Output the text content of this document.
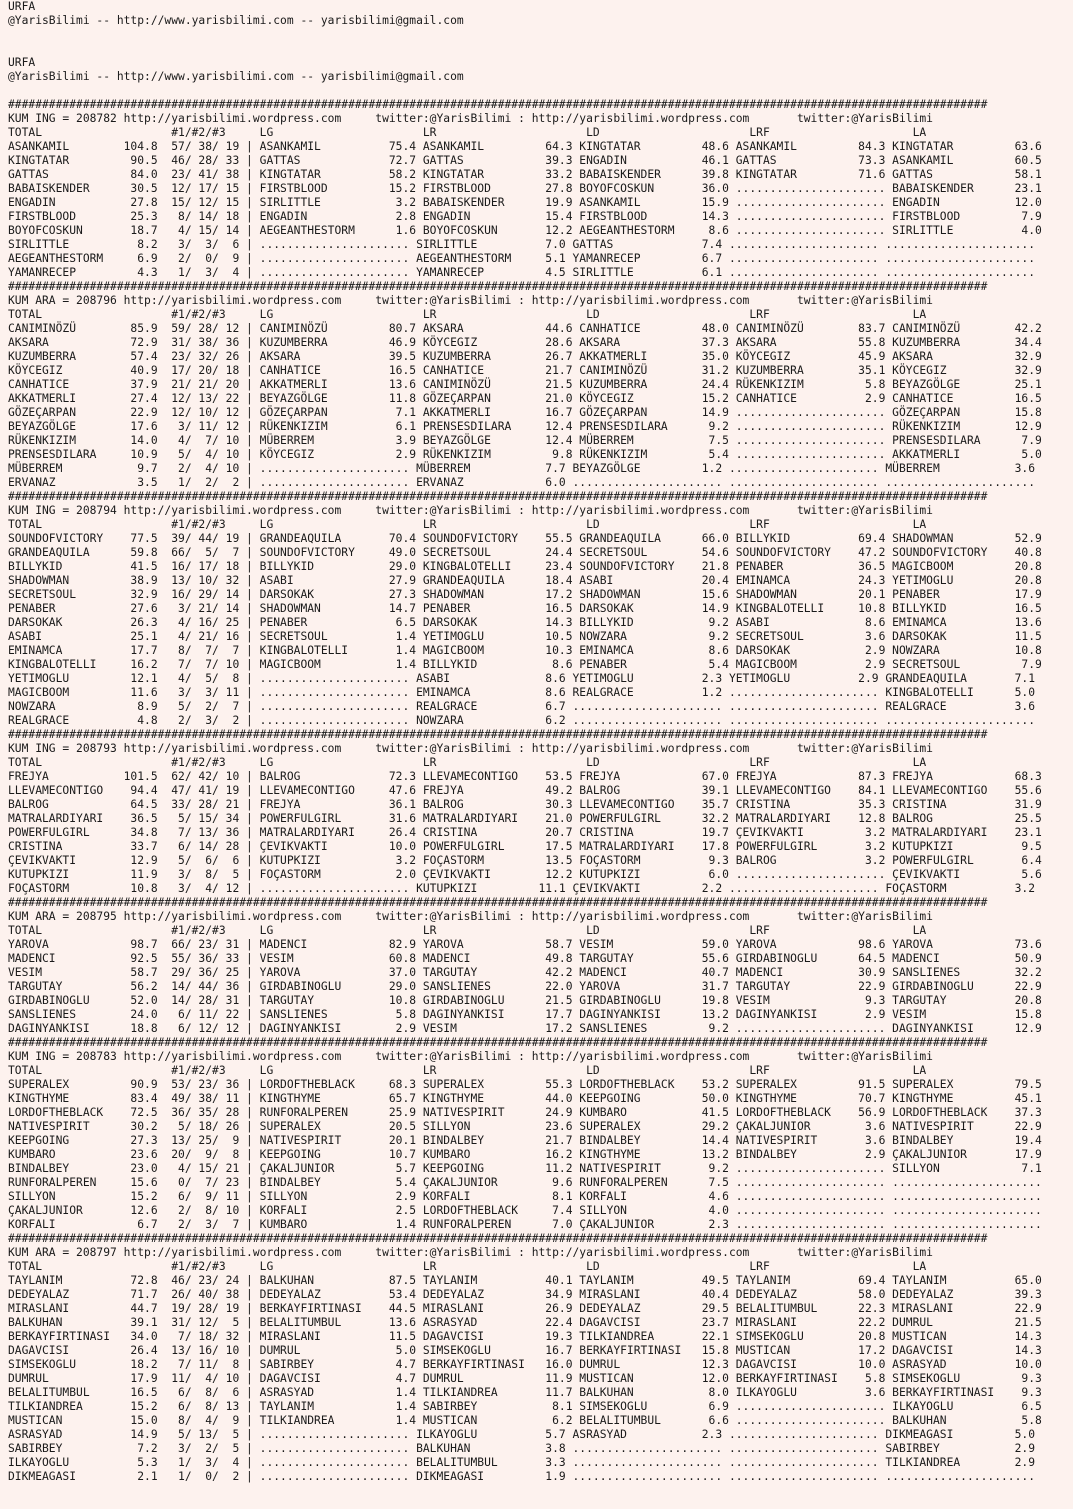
URFA
@YarisBilimi -- http://www.yarisbilimi.com -- yarisbilimi@gmail.com
URFA
@YarisBilimi -- http://www.yarisbilimi.com -- yarisbilimi@gmail.com
################################################################################################################################################
KUM ING = 208782 http://yarisbilimi.wordpress.com     twitter:@YarisBilimi : http://yarisbilimi.wordpress.com       twitter:@YarisBilimi
TOTAL                   #1/#2/#3     LG                      LR                      LD                      LRF                     LA
ASANKAMIL        104.8  57/ 38/ 19 | ASANKAMIL          75.4 ASANKAMIL         64.3 KINGTATAR         48.6 ASANKAMIL         84.3 KINGTATAR         63.6
KINGTATAR         90.5  46/ 28/ 33 | GATTAS             72.7 GATTAS            39.3 ENGADIN           46.1 GATTAS            73.3 ASANKAMIL         60.5
GATTAS            84.0  23/ 41/ 38 | KINGTATAR          58.2 KINGTATAR         33.2 BABAISKENDER      39.8 KINGTATAR         71.6 GATTAS            58.1
BABAISKENDER      30.5  12/ 17/ 15 | FIRSTBLOOD         15.2 FIRSTBLOOD        27.8 BOYOFCOSKUN       36.0 ...................... BABAISKENDER      23.1
ENGADIN           27.8  15/ 12/ 15 | SIRLITTLE           3.2 BABAISKENDER      19.9 ASANKAMIL         15.9 ...................... ENGADIN           12.0
FIRSTBLOOD        25.3   8/ 14/ 18 | ENGADIN             2.8 ENGADIN           15.4 FIRSTBLOOD        14.3 ...................... FIRSTBLOOD         7.9
BOYOFCOSKUN       18.7   4/ 15/ 14 | AEGEANTHESTORM      1.6 BOYOFCOSKUN       12.2 AEGEANTHESTORM     8.6 ...................... SIRLITTLE          4.0
SIRLITTLE          8.2   3/  3/  6 | ...................... SIRLITTLE          7.0 GATTAS             7.4 ...................... ......................
AEGEANTHESTORM     6.9   2/  0/  9 | ...................... AEGEANTHESTORM     5.1 YAMANRECEP         6.7 ...................... ......................
YAMANRECEP         4.3   1/  3/  4 | ...................... YAMANRECEP         4.5 SIRLITTLE          6.1 ...................... ......................
################################################################################################################################################
KUM ARA = 208796 http://yarisbilimi.wordpress.com     twitter:@YarisBilimi : http://yarisbilimi.wordpress.com       twitter:@YarisBilimi
TOTAL                   #1/#2/#3     LG                      LR                      LD                      LRF                     LA
CANIMINÖZÜ        85.9  59/ 28/ 12 | CANIMINÖZÜ         80.7 AKSARA            44.6 CANHATICE         48.0 CANIMINÖZÜ        83.7 CANIMINÖZÜ        42.2
AKSARA            72.9  31/ 38/ 36 | KUZUMBERRA         46.9 KÖYCEGIZ          28.6 AKSARA            37.3 AKSARA            55.8 KUZUMBERRA        34.4
KUZUMBERRA        57.4  23/ 32/ 26 | AKSARA             39.5 KUZUMBERRA        26.7 AKKATMERLI        35.0 KÖYCEGIZ          45.9 AKSARA            32.9
KÖYCEGIZ          40.9  17/ 20/ 18 | CANHATICE          16.5 CANHATICE         21.7 CANIMINÖZÜ        31.2 KUZUMBERRA        35.1 KÖYCEGIZ          32.9
CANHATICE         37.9  21/ 21/ 20 | AKKATMERLI         13.6 CANIMINÖZÜ        21.5 KUZUMBERRA        24.4 RÜKENKIZIM         5.8 BEYAZGÖLGE        25.1
AKKATMERLI        27.4  12/ 13/ 22 | BEYAZGÖLGE         11.8 GÖZEÇARPAN        21.0 KÖYCEGIZ          15.2 CANHATICE          2.9 CANHATICE         16.5
GÖZEÇARPAN        22.9  12/ 10/ 12 | GÖZEÇARPAN          7.1 AKKATMERLI        16.7 GÖZEÇARPAN        14.9 ...................... GÖZEÇARPAN        15.8
BEYAZGÖLGE        17.6   3/ 11/ 12 | RÜKENKIZIM          6.1 PRENSESDILARA     12.4 PRENSESDILARA      9.2 ...................... RÜKENKIZIM        12.9
RÜKENKIZIM        14.0   4/  7/ 10 | MÜBERREM            3.9 BEYAZGÖLGE        12.4 MÜBERREM           7.5 ...................... PRENSESDILARA      7.9
PRENSESDILARA     10.9   5/  4/ 10 | KÖYCEGIZ            2.9 RÜKENKIZIM         9.8 RÜKENKIZIM         5.4 ...................... AKKATMERLI         5.0
MÜBERREM           9.7   2/  4/ 10 | ...................... MÜBERREM           7.7 BEYAZGÖLGE         1.2 ...................... MÜBERREM           3.6
ERVANAZ            3.5   1/  2/  2 | ...................... ERVANAZ            6.0 ...................... ...................... ......................
################################################################################################################################################
KUM ING = 208794 http://yarisbilimi.wordpress.com     twitter:@YarisBilimi : http://yarisbilimi.wordpress.com       twitter:@YarisBilimi
TOTAL                   #1/#2/#3     LG                      LR                      LD                      LRF                     LA
SOUNDOFVICTORY    77.5  39/ 44/ 19 | GRANDEAQUILA       70.4 SOUNDOFVICTORY    55.5 GRANDEAQUILA      66.0 BILLYKID          69.4 SHADOWMAN         52.9
GRANDEAQUILA      59.8  66/  5/  7 | SOUNDOFVICTORY     49.0 SECRETSOUL        24.4 SECRETSOUL        54.6 SOUNDOFVICTORY    47.2 SOUNDOFVICTORY    40.8
BILLYKID          41.5  16/ 17/ 18 | BILLYKID           29.0 KINGBALOTELLI     23.4 SOUNDOFVICTORY    21.8 PENABER           36.5 MAGICBOOM         20.8
SHADOWMAN         38.9  13/ 10/ 32 | ASABI              27.9 GRANDEAQUILA      18.4 ASABI             20.4 EMINAMCA          24.3 YETIMOGLU         20.8
SECRETSOUL        32.9  16/ 29/ 14 | DARSOKAK           27.3 SHADOWMAN         17.2 SHADOWMAN         15.6 SHADOWMAN         20.1 PENABER           17.9
PENABER           27.6   3/ 21/ 14 | SHADOWMAN          14.7 PENABER           16.5 DARSOKAK          14.9 KINGBALOTELLI     10.8 BILLYKID          16.5
DARSOKAK          26.3   4/ 16/ 25 | PENABER             6.5 DARSOKAK          14.3 BILLYKID           9.2 ASABI              8.6 EMINAMCA          13.6
ASABI             25.1   4/ 21/ 16 | SECRETSOUL          1.4 YETIMOGLU         10.5 NOWZARA            9.2 SECRETSOUL         3.6 DARSOKAK          11.5
EMINAMCA          17.7   8/  7/  7 | KINGBALOTELLI       1.4 MAGICBOOM         10.3 EMINAMCA           8.6 DARSOKAK           2.9 NOWZARA           10.8
KINGBALOTELLI     16.2   7/  7/ 10 | MAGICBOOM           1.4 BILLYKID           8.6 PENABER            5.4 MAGICBOOM          2.9 SECRETSOUL         7.9
YETIMOGLU         12.1   4/  5/  8 | ...................... ASABI              8.6 YETIMOGLU          2.3 YETIMOGLU          2.9 GRANDEAQUILA       7.1
MAGICBOOM         11.6   3/  3/ 11 | ...................... EMINAMCA           8.6 REALGRACE          1.2 ...................... KINGBALOTELLI      5.0
NOWZARA            8.9   5/  2/  7 | ...................... REALGRACE          6.7 ...................... ...................... REALGRACE          3.6
REALGRACE          4.8   2/  3/  2 | ...................... NOWZARA            6.2 ...................... ...................... ......................
################################################################################################################################################
KUM ING = 208793 http://yarisbilimi.wordpress.com     twitter:@YarisBilimi : http://yarisbilimi.wordpress.com       twitter:@YarisBilimi
TOTAL                   #1/#2/#3     LG                      LR                      LD                      LRF                     LA
FREJYA           101.5  62/ 42/ 10 | BALROG             72.3 LLEVAMECONTIGO    53.5 FREJYA            67.0 FREJYA            87.3 FREJYA            68.3
LLEVAMECONTIGO    94.4  47/ 41/ 19 | LLEVAMECONTIGO     47.6 FREJYA            49.2 BALROG            39.1 LLEVAMECONTIGO    84.1 LLEVAMECONTIGO    55.6
BALROG            64.5  33/ 28/ 21 | FREJYA             36.1 BALROG            30.3 LLEVAMECONTIGO    35.7 CRISTINA          35.3 CRISTINA          31.9
MATRALARDIYARI    36.5   5/ 15/ 34 | POWERFULGIRL       31.6 MATRALARDIYARI    21.0 POWERFULGIRL      32.2 MATRALARDIYARI    12.8 BALROG            25.5
POWERFULGIRL      34.8   7/ 13/ 36 | MATRALARDIYARI     26.4 CRISTINA          20.7 CRISTINA          19.7 ÇEVIKVAKTI         3.2 MATRALARDIYARI    23.1
CRISTINA          33.7   6/ 14/ 28 | ÇEVIKVAKTI         10.0 POWERFULGIRL      17.5 MATRALARDIYARI    17.8 POWERFULGIRL       3.2 KUTUPKIZI          9.5
ÇEVIKVAKTI        12.9   5/  6/  6 | KUTUPKIZI           3.2 FOÇASTORM         13.5 FOÇASTORM          9.3 BALROG             3.2 POWERFULGIRL       6.4
KUTUPKIZI         11.9   3/  8/  5 | FOÇASTORM           2.0 ÇEVIKVAKTI        12.2 KUTUPKIZI          6.0 ...................... ÇEVIKVAKTI         5.6
FOÇASTORM         10.8   3/  4/ 12 | ...................... KUTUPKIZI         11.1 ÇEVIKVAKTI         2.2 ...................... FOÇASTORM          3.2
################################################################################################################################################
KUM ARA = 208795 http://yarisbilimi.wordpress.com     twitter:@YarisBilimi : http://yarisbilimi.wordpress.com       twitter:@YarisBilimi
TOTAL                   #1/#2/#3     LG                      LR                      LD                      LRF                     LA
YAROVA            98.7  66/ 23/ 31 | MADENCI            82.9 YAROVA            58.7 VESIM             59.0 YAROVA            98.6 YAROVA            73.6
MADENCI           92.5  55/ 36/ 33 | VESIM              60.8 MADENCI           49.8 TARGUTAY          55.6 GIRDABINOGLU      64.5 MADENCI           50.9
VESIM             58.7  29/ 36/ 25 | YAROVA             37.0 TARGUTAY          42.2 MADENCI           40.7 MADENCI           30.9 SANSLIENES        32.2
TARGUTAY          56.2  14/ 44/ 36 | GIRDABINOGLU       29.0 SANSLIENES        22.0 YAROVA            31.7 TARGUTAY          22.9 GIRDABINOGLU      22.9
GIRDABINOGLU      52.0  14/ 28/ 31 | TARGUTAY           10.8 GIRDABINOGLU      21.5 GIRDABINOGLU      19.8 VESIM              9.3 TARGUTAY          20.8
SANSLIENES        24.0   6/ 11/ 22 | SANSLIENES          5.8 DAGINYANKISI      17.7 DAGINYANKISI      13.2 DAGINYANKISI       2.9 VESIM             15.8
DAGINYANKISI      18.8   6/ 12/ 12 | DAGINYANKISI        2.9 VESIM             17.2 SANSLIENES         9.2 ...................... DAGINYANKISI      12.9
################################################################################################################################################
KUM ING = 208783 http://yarisbilimi.wordpress.com     twitter:@YarisBilimi : http://yarisbilimi.wordpress.com       twitter:@YarisBilimi
TOTAL                   #1/#2/#3     LG                      LR                      LD                      LRF                     LA
SUPERALEX         90.9  53/ 23/ 36 | LORDOFTHEBLACK     68.3 SUPERALEX         55.3 LORDOFTHEBLACK    53.2 SUPERALEX         91.5 SUPERALEX         79.5
KINGTHYME         83.4  49/ 38/ 11 | KINGTHYME          65.7 KINGTHYME         44.0 KEEPGOING         50.0 KINGTHYME         70.7 KINGTHYME         45.1
LORDOFTHEBLACK    72.5  36/ 35/ 28 | RUNFORALPEREN      25.9 NATIVESPIRIT      24.9 KUMBARO           41.5 LORDOFTHEBLACK    56.9 LORDOFTHEBLACK    37.3
NATIVESPIRIT      30.2   5/ 18/ 26 | SUPERALEX          20.5 SILLYON           23.6 SUPERALEX         29.2 ÇAKALJUNIOR        3.6 NATIVESPIRIT      22.9
KEEPGOING         27.3  13/ 25/  9 | NATIVESPIRIT       20.1 BINDALBEY         21.7 BINDALBEY         14.4 NATIVESPIRIT       3.6 BINDALBEY         19.4
KUMBARO           23.6  20/  9/  8 | KEEPGOING          10.7 KUMBARO           16.2 KINGTHYME         13.2 BINDALBEY          2.9 ÇAKALJUNIOR       17.9
BINDALBEY         23.0   4/ 15/ 21 | ÇAKALJUNIOR         5.7 KEEPGOING         11.2 NATIVESPIRIT       9.2 ...................... SILLYON            7.1
RUNFORALPEREN     15.6   0/  7/ 23 | BINDALBEY           5.4 ÇAKALJUNIOR        9.6 RUNFORALPEREN      7.5 ...................... ......................
SILLYON           15.2   6/  9/ 11 | SILLYON             2.9 KORFALI            8.1 KORFALI            4.6 ...................... ......................
ÇAKALJUNIOR       12.6   2/  8/ 10 | KORFALI             2.5 LORDOFTHEBLACK     7.4 SILLYON            4.0 ...................... ......................
KORFALI            6.7   2/  3/  7 | KUMBARO             1.4 RUNFORALPEREN      7.0 ÇAKALJUNIOR        2.3 ...................... ......................
################################################################################################################################################
KUM ARA = 208797 http://yarisbilimi.wordpress.com     twitter:@YarisBilimi : http://yarisbilimi.wordpress.com       twitter:@YarisBilimi
TOTAL                   #1/#2/#3     LG                      LR                      LD                      LRF                     LA
TAYLANIM          72.8  46/ 23/ 24 | BALKUHAN           87.5 TAYLANIM          40.1 TAYLANIM          49.5 TAYLANIM          69.4 TAYLANIM          65.0
DEDEYALAZ         71.7  26/ 40/ 38 | DEDEYALAZ          53.4 DEDEYALAZ         34.9 MIRASLANI         40.4 DEDEYALAZ         58.0 DEDEYALAZ         39.3
MIRASLANI         44.7  19/ 28/ 19 | BERKAYFIRTINASI    44.5 MIRASLANI         26.9 DEDEYALAZ         29.5 BELALITUMBUL      22.3 MIRASLANI         22.9
BALKUHAN          39.1  31/ 12/  5 | BELALITUMBUL       13.6 ASRASYAD          22.4 DAGAVCISI         23.7 MIRASLANI         22.2 DUMRUL            21.5
BERKAYFIRTINASI   34.0   7/ 18/ 32 | MIRASLANI          11.5 DAGAVCISI         19.3 TILKIANDREA       22.1 SIMSEKOGLU        20.8 MUSTICAN          14.3
DAGAVCISI         26.4  13/ 16/ 10 | DUMRUL              5.0 SIMSEKOGLU        16.7 BERKAYFIRTINASI   15.8 MUSTICAN          17.2 DAGAVCISI         14.3
SIMSEKOGLU        18.2   7/ 11/  8 | SABIRBEY            4.7 BERKAYFIRTINASI   16.0 DUMRUL            12.3 DAGAVCISI         10.0 ASRASYAD          10.0
DUMRUL            17.9  11/  4/ 10 | DAGAVCISI           4.7 DUMRUL            11.9 MUSTICAN          12.0 BERKAYFIRTINASI    5.8 SIMSEKOGLU         9.3
BELALITUMBUL      16.5   6/  8/  6 | ASRASYAD            1.4 TILKIANDREA       11.7 BALKUHAN           8.0 ILKAYOGLU          3.6 BERKAYFIRTINASI    9.3
TILKIANDREA       15.2   6/  8/ 13 | TAYLANIM            1.4 SABIRBEY           8.1 SIMSEKOGLU         6.9 ...................... ILKAYOGLU          6.5
MUSTICAN          15.0   8/  4/  9 | TILKIANDREA         1.4 MUSTICAN           6.2 BELALITUMBUL       6.6 ...................... BALKUHAN           5.8
ASRASYAD          14.9   5/ 13/  5 | ...................... ILKAYOGLU          5.7 ASRASYAD           2.3 ...................... DIKMEAGASI         5.0
SABIRBEY           7.2   3/  2/  5 | ...................... BALKUHAN           3.8 ...................... ...................... SABIRBEY           2.9
ILKAYOGLU          5.3   1/  3/  4 | ...................... BELALITUMBUL       3.3 ...................... ...................... TILKIANDREA        2.9
DIKMEAGASI         2.1   1/  0/  2 | ...................... DIKMEAGASI         1.9 ...................... ...................... ......................
